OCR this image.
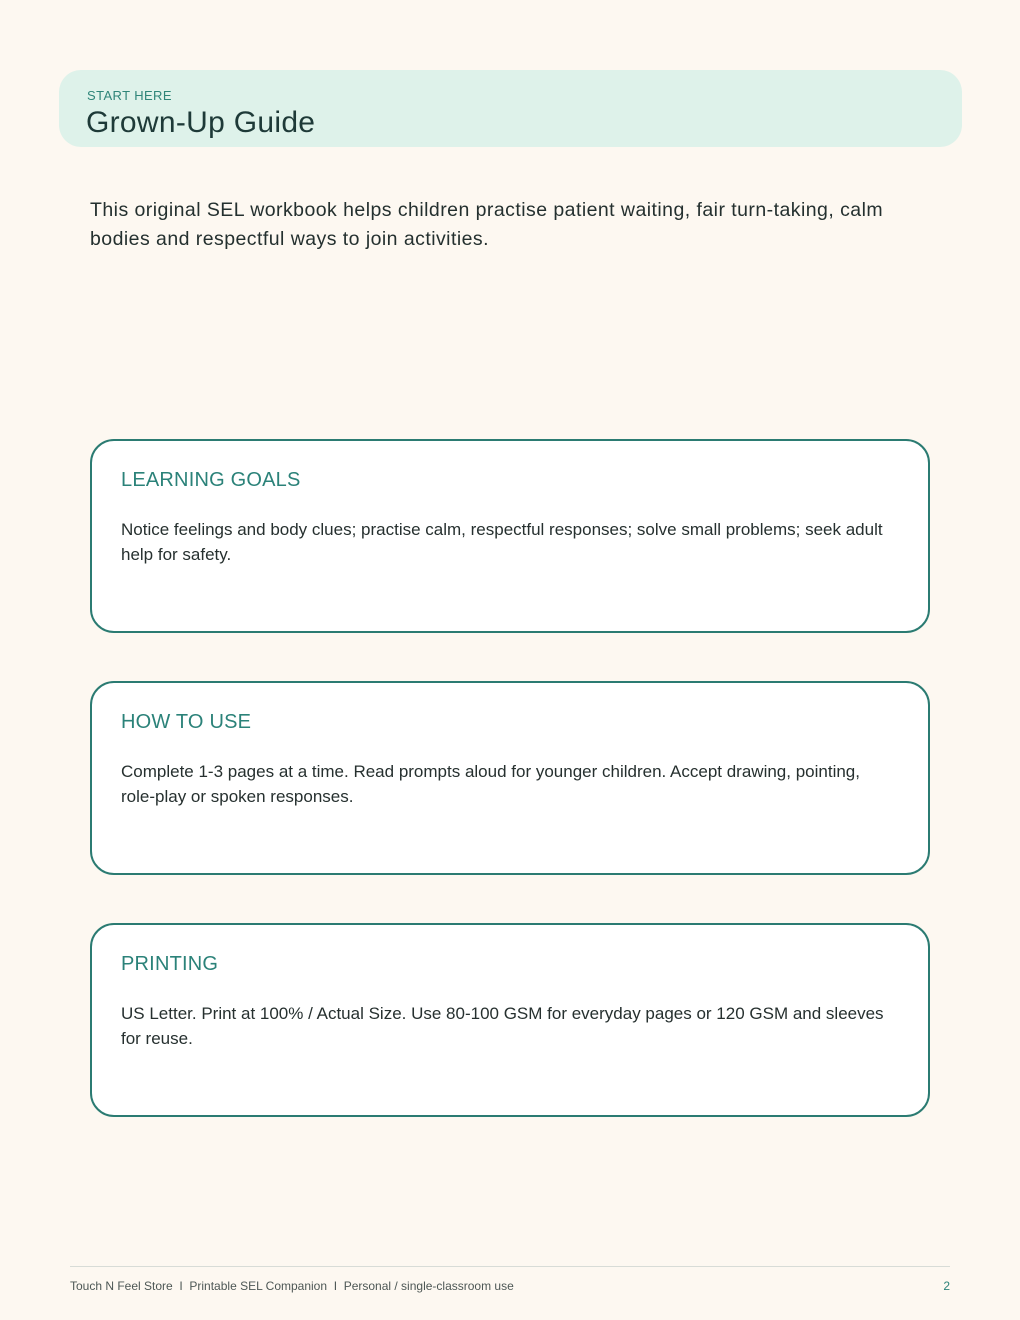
START HERE
Grown-Up Guide

This original SEL workbook helps children practise patient waiting, fair turn-taking, calm bodies and respectful ways to join activities.

LEARNING GOALS

Notice feelings and body clues; practise calm, respectful responses; solve small problems; seek adult help for safety.

HOW TO USE

Complete 1-3 pages at a time. Read prompts aloud for younger children. Accept drawing, pointing, role-play or spoken responses.

PRINTING

US Letter. Print at 100% / Actual Size. Use 80-100 GSM for everyday pages or 120 GSM and sleeves for reuse.

Touch N Feel Store  I  Printable SEL Companion  I  Personal / single-classroom use	2
